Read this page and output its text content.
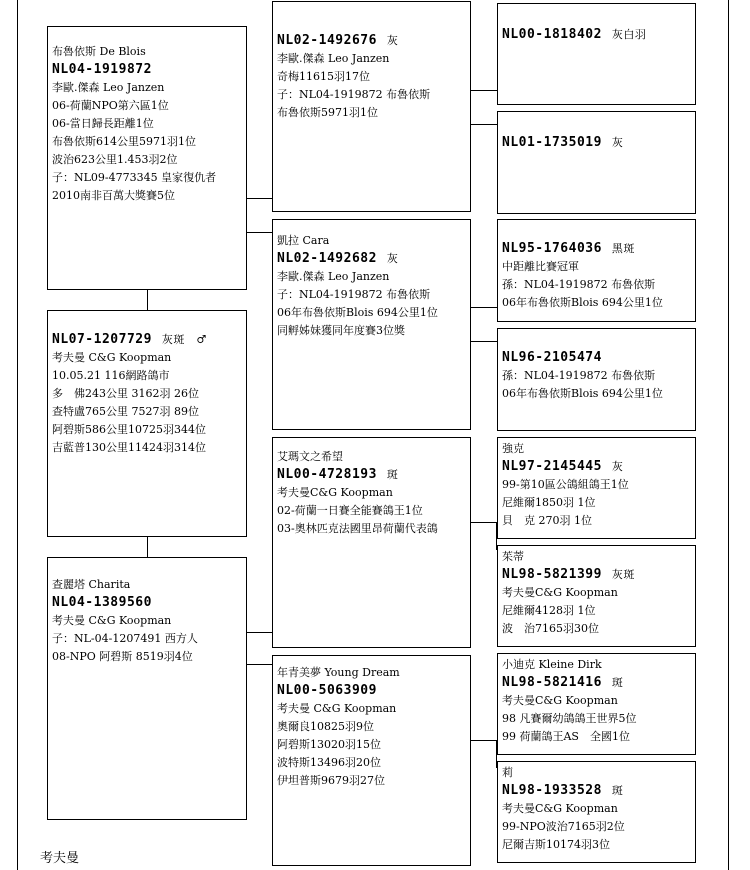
布魯依斯 De Blois
NL04-1919872
李歐.傑森 Leo Janzen
06-荷蘭NPO第六區1位
06-當日歸長距離1位
布魯依斯614公里5971羽1位
波治623公里1.453羽2位
子：NL09-4773345 皇家復仇者
2010南非百萬大獎賽5位
NL07-1207729 灰斑　♂
考夫曼 C&G Koopman
10.05.21 116網路鴿市
多　佛243公里 3162羽 26位
查特盧765公里 7527羽 89位
阿碧斯586公里10725羽344位
吉藍普130公里11424羽314位
查麗塔 Charita
NL04-1389560
考夫曼 C&G Koopman
子：NL-04-1207491 西方人
08-NPO 阿碧斯 8519羽4位
NL02-1492676 灰
李歐.傑森 Leo Janzen
奇梅11615羽17位
子：NL04-1919872 布魯依斯
布魯依斯5971羽1位
凱拉 Cara
NL02-1492682 灰
李歐.傑森 Leo Janzen
子：NL04-1919872 布魯依斯
06年布魯依斯Blois 694公里1位
同孵姊妹獲同年度賽3位獎
艾瑪文之希望
NL00-4728193 斑
考夫曼C&G Koopman
02-荷蘭一日賽全能賽鴿王1位
03-奧林匹克法國里昂荷蘭代表鴿
年青美夢 Young Dream
NL00-5063909
考夫曼 C&G Koopman
奧爾良10825羽9位
阿碧斯13020羽15位
波特斯13496羽20位
伊坦普斯9679羽27位
NL00-1818402 灰白羽
NL01-1735019 灰
NL95-1764036 黑斑
中距離比賽冠軍
孫：NL04-1919872 布魯依斯
06年布魯依斯Blois 694公里1位
NL96-2105474
孫：NL04-1919872 布魯依斯
06年布魯依斯Blois 694公里1位
強克
NL97-2145445 灰
99-第10區公鴿組鴿王1位
尼維爾1850羽 1位
貝　克 270羽 1位
茱蒂
NL98-5821399 灰斑
考夫曼C&G Koopman
尼維爾4128羽 1位
波　治7165羽30位
小迪克 Kleine Dirk
NL98-5821416 斑
考夫曼C&G Koopman
98 凡賽爾幼鴿鴿王世界5位
99 荷蘭鴿王AS　全國1位
莉
NL98-1933528 斑
考夫曼C&G Koopman
99-NPO波治7165羽2位
尼爾吉斯10174羽3位
考夫曼
